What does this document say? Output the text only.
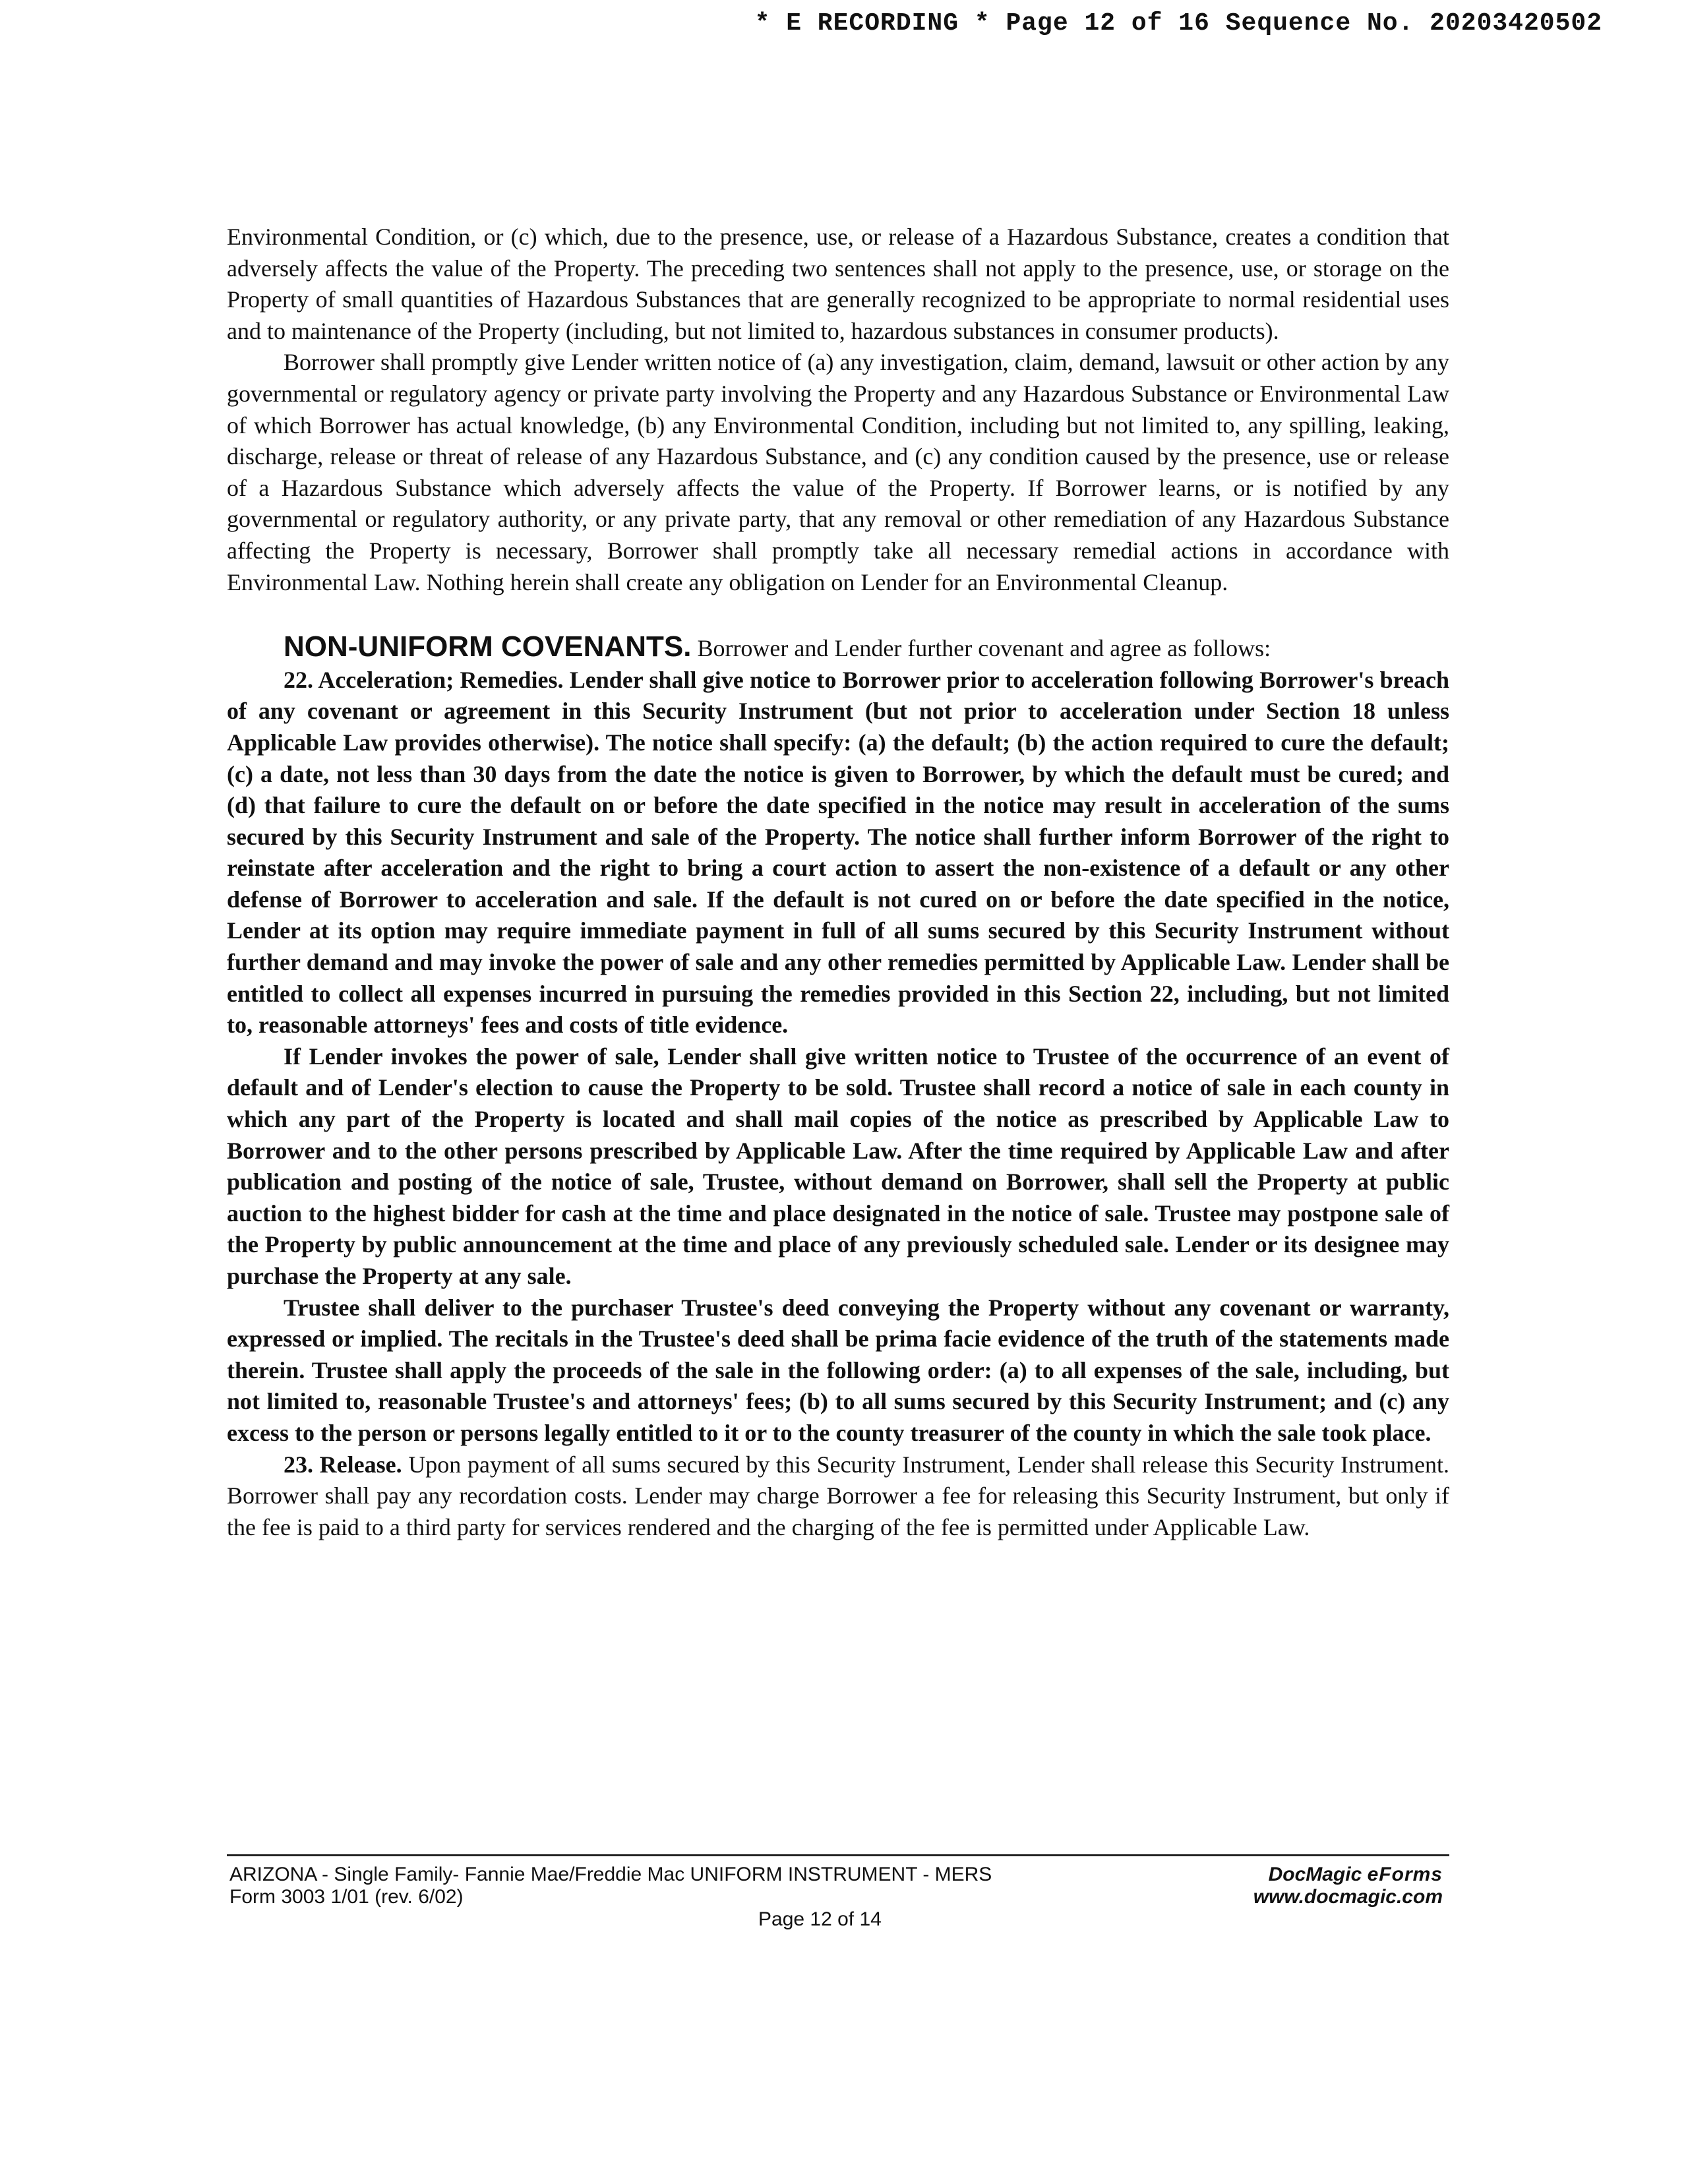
* E RECORDING * Page 12 of 16 Sequence No. 20203420502

Environmental Condition, or (c) which, due to the presence, use, or release of a Hazardous Substance, creates a condition that adversely affects the value of the Property. The preceding two sentences shall not apply to the presence, use, or storage on the Property of small quantities of Hazardous Substances that are generally recognized to be appropriate to normal residential uses and to maintenance of the Property (including, but not limited to, hazardous substances in consumer products).

Borrower shall promptly give Lender written notice of (a) any investigation, claim, demand, lawsuit or other action by any governmental or regulatory agency or private party involving the Property and any Hazardous Substance or Environmental Law of which Borrower has actual knowledge, (b) any Environmental Condition, including but not limited to, any spilling, leaking, discharge, release or threat of release of any Hazardous Substance, and (c) any condition caused by the presence, use or release of a Hazardous Substance which adversely affects the value of the Property. If Borrower learns, or is notified by any governmental or regulatory authority, or any private party, that any removal or other remediation of any Hazardous Substance affecting the Property is necessary, Borrower shall promptly take all necessary remedial actions in accordance with Environmental Law. Nothing herein shall create any obligation on Lender for an Environmental Cleanup.

NON-UNIFORM COVENANTS. Borrower and Lender further covenant and agree as follows:

22. Acceleration; Remedies. Lender shall give notice to Borrower prior to acceleration following Borrower's breach of any covenant or agreement in this Security Instrument (but not prior to acceleration under Section 18 unless Applicable Law provides otherwise). The notice shall specify: (a) the default; (b) the action required to cure the default; (c) a date, not less than 30 days from the date the notice is given to Borrower, by which the default must be cured; and (d) that failure to cure the default on or before the date specified in the notice may result in acceleration of the sums secured by this Security Instrument and sale of the Property. The notice shall further inform Borrower of the right to reinstate after acceleration and the right to bring a court action to assert the non-existence of a default or any other defense of Borrower to acceleration and sale. If the default is not cured on or before the date specified in the notice, Lender at its option may require immediate payment in full of all sums secured by this Security Instrument without further demand and may invoke the power of sale and any other remedies permitted by Applicable Law. Lender shall be entitled to collect all expenses incurred in pursuing the remedies provided in this Section 22, including, but not limited to, reasonable attorneys' fees and costs of title evidence.

If Lender invokes the power of sale, Lender shall give written notice to Trustee of the occurrence of an event of default and of Lender's election to cause the Property to be sold. Trustee shall record a notice of sale in each county in which any part of the Property is located and shall mail copies of the notice as prescribed by Applicable Law to Borrower and to the other persons prescribed by Applicable Law. After the time required by Applicable Law and after publication and posting of the notice of sale, Trustee, without demand on Borrower, shall sell the Property at public auction to the highest bidder for cash at the time and place designated in the notice of sale. Trustee may postpone sale of the Property by public announcement at the time and place of any previously scheduled sale. Lender or its designee may purchase the Property at any sale.

Trustee shall deliver to the purchaser Trustee's deed conveying the Property without any covenant or warranty, expressed or implied. The recitals in the Trustee's deed shall be prima facie evidence of the truth of the statements made therein. Trustee shall apply the proceeds of the sale in the following order: (a) to all expenses of the sale, including, but not limited to, reasonable Trustee's and attorneys' fees; (b) to all sums secured by this Security Instrument; and (c) any excess to the person or persons legally entitled to it or to the county treasurer of the county in which the sale took place.

23. Release. Upon payment of all sums secured by this Security Instrument, Lender shall release this Security Instrument. Borrower shall pay any recordation costs. Lender may charge Borrower a fee for releasing this Security Instrument, but only if the fee is paid to a third party for services rendered and the charging of the fee is permitted under Applicable Law.

ARIZONA - Single Family- Fannie Mae/Freddie Mac UNIFORM INSTRUMENT - MERS
Form 3003 1/01 (rev. 6/02)
DocMagic eForms
www.docmagic.com
Page 12 of 14
